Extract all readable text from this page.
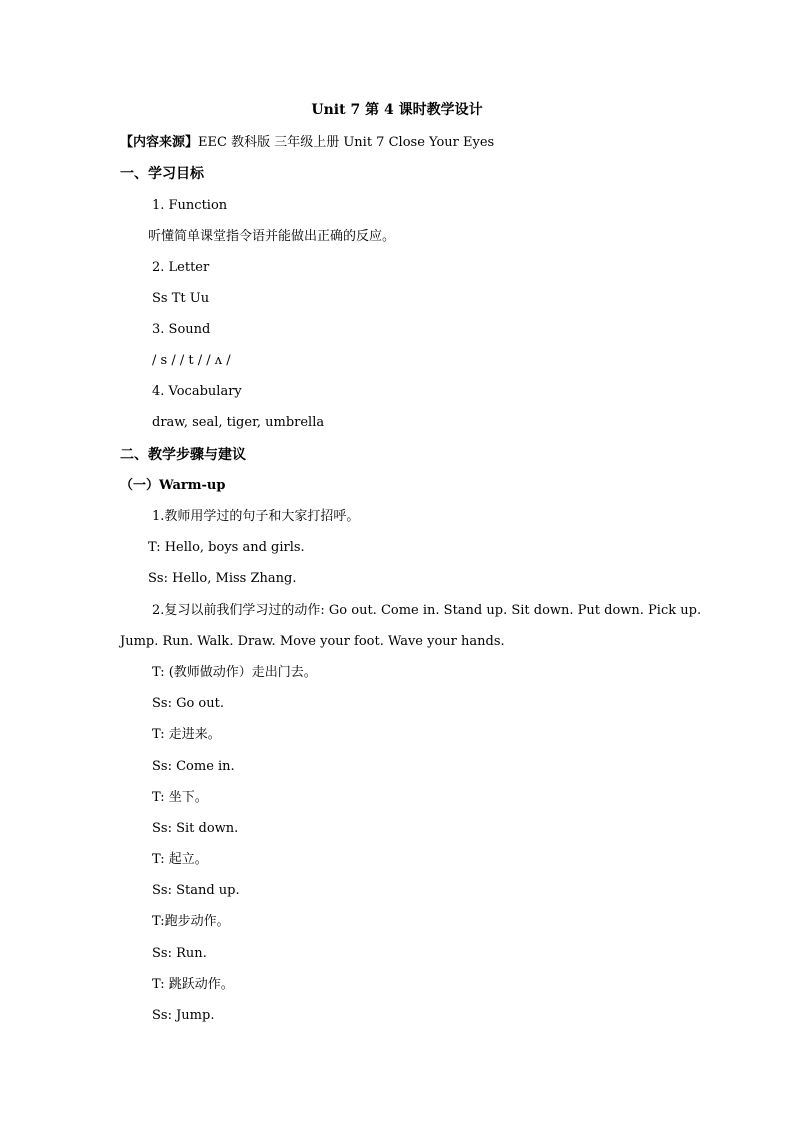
Unit 7 第 4 课时教学设计
【内容来源】EEC 教科版 三年级上册 Unit 7 Close Your Eyes
一、学习目标
1. Function
听懂简单课堂指令语并能做出正确的反应。
2. Letter
Ss Tt Uu
3. Sound
/ s / / t / / ʌ /
4. Vocabulary
draw, seal, tiger, umbrella
二、教学步骤与建议
（一）Warm-up
1.教师用学过的句子和大家打招呼。
T: Hello, boys and girls.
Ss: Hello, Miss Zhang.
2.复习以前我们学习过的动作: Go out. Come in. Stand up. Sit down. Put down. Pick up.
Jump. Run. Walk. Draw. Move your foot. Wave your hands.
T: (教师做动作）走出门去。
Ss: Go out.
T: 走进来。
Ss: Come in.
T: 坐下。
Ss: Sit down.
T: 起立。
Ss: Stand up.
T:跑步动作。
Ss: Run.
T: 跳跃动作。
Ss: Jump.
